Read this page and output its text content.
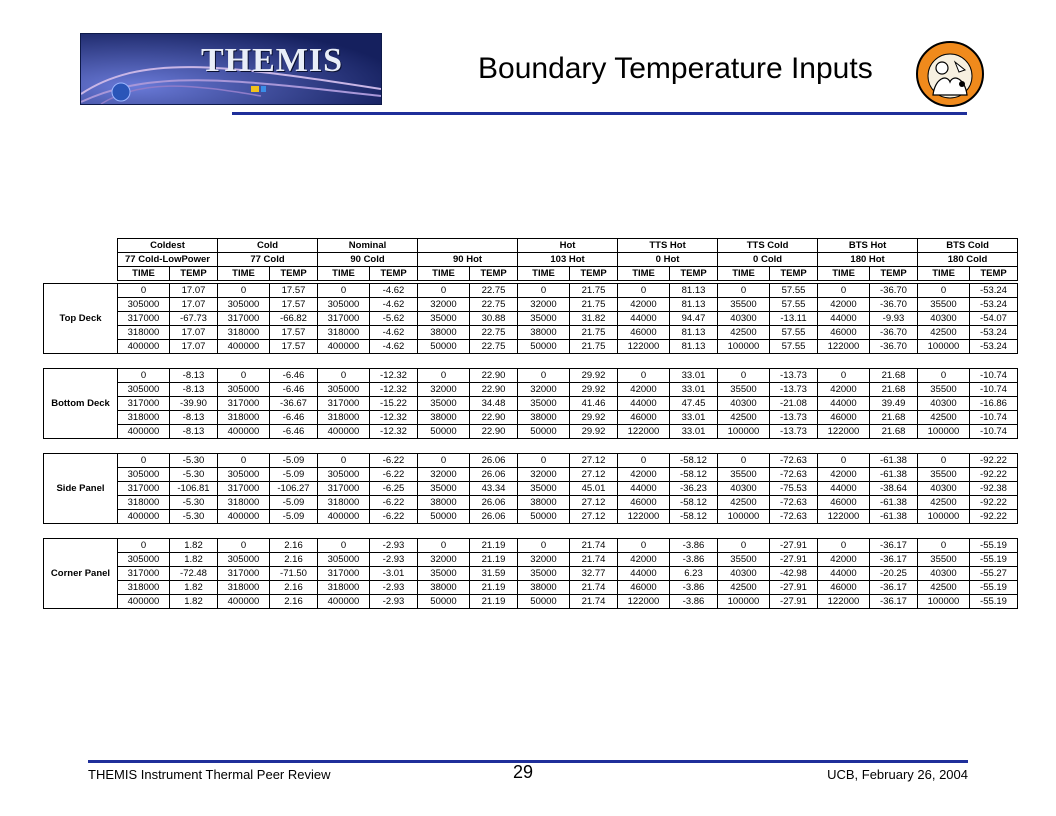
THEMIS	Boundary Temperature Inputs
Coldest		Cold		Nominal				Hot		TTS Hot		TTS Cold		BTS Hot		BTS Cold	
77 Cold-LowPower		77 Cold		90 Cold		90 Hot		103 Hot		0 Hot		0 Cold		180 Hot		180 Cold	
TIME	TEMP	TIME	TEMP	TIME	TEMP	TIME	TEMP	TIME	TEMP	TIME	TEMP	TIME	TEMP	TIME	TEMP	TIME	TEMP
Top Deck	0	17.07	0	17.57	0	-4.62	0	22.75	0	21.75	0	81.13	0	57.55	0	-36.70	0	-53.24
	305000	17.07	305000	17.57	305000	-4.62	32000	22.75	32000	21.75	42000	81.13	35500	57.55	42000	-36.70	35500	-53.24
	317000	-67.73	317000	-66.82	317000	-5.62	35000	30.88	35000	31.82	44000	94.47	40300	-13.11	44000	-9.93	40300	-54.07
	318000	17.07	318000	17.57	318000	-4.62	38000	22.75	38000	21.75	46000	81.13	42500	57.55	46000	-36.70	42500	-53.24
	400000	17.07	400000	17.57	400000	-4.62	50000	22.75	50000	21.75	122000	81.13	100000	57.55	122000	-36.70	100000	-53.24
Bottom Deck	0	-8.13	0	-6.46	0	-12.32	0	22.90	0	29.92	0	33.01	0	-13.73	0	21.68	0	-10.74
	305000	-8.13	305000	-6.46	305000	-12.32	32000	22.90	32000	29.92	42000	33.01	35500	-13.73	42000	21.68	35500	-10.74
	317000	-39.90	317000	-36.67	317000	-15.22	35000	34.48	35000	41.46	44000	47.45	40300	-21.08	44000	39.49	40300	-16.86
	318000	-8.13	318000	-6.46	318000	-12.32	38000	22.90	38000	29.92	46000	33.01	42500	-13.73	46000	21.68	42500	-10.74
	400000	-8.13	400000	-6.46	400000	-12.32	50000	22.90	50000	29.92	122000	33.01	100000	-13.73	122000	21.68	100000	-10.74
Side Panel	0	-5.30	0	-5.09	0	-6.22	0	26.06	0	27.12	0	-58.12	0	-72.63	0	-61.38	0	-92.22
	305000	-5.30	305000	-5.09	305000	-6.22	32000	26.06	32000	27.12	42000	-58.12	35500	-72.63	42000	-61.38	35500	-92.22
	317000	-106.81	317000	-106.27	317000	-6.25	35000	43.34	35000	45.01	44000	-36.23	40300	-75.53	44000	-38.64	40300	-92.38
	318000	-5.30	318000	-5.09	318000	-6.22	38000	26.06	38000	27.12	46000	-58.12	42500	-72.63	46000	-61.38	42500	-92.22
	400000	-5.30	400000	-5.09	400000	-6.22	50000	26.06	50000	27.12	122000	-58.12	100000	-72.63	122000	-61.38	100000	-92.22
Corner Panel	0	1.82	0	2.16	0	-2.93	0	21.19	0	21.74	0	-3.86	0	-27.91	0	-36.17	0	-55.19
	305000	1.82	305000	2.16	305000	-2.93	32000	21.19	32000	21.74	42000	-3.86	35500	-27.91	42000	-36.17	35500	-55.19
	317000	-72.48	317000	-71.50	317000	-3.01	35000	31.59	35000	32.77	44000	6.23	40300	-42.98	44000	-20.25	40300	-55.27
	318000	1.82	318000	2.16	318000	-2.93	38000	21.19	38000	21.74	46000	-3.86	42500	-27.91	46000	-36.17	42500	-55.19
	400000	1.82	400000	2.16	400000	-2.93	50000	21.19	50000	21.74	122000	-3.86	100000	-27.91	122000	-36.17	100000	-55.19
THEMIS Instrument Thermal Peer Review	29	UCB, February 26, 2004
